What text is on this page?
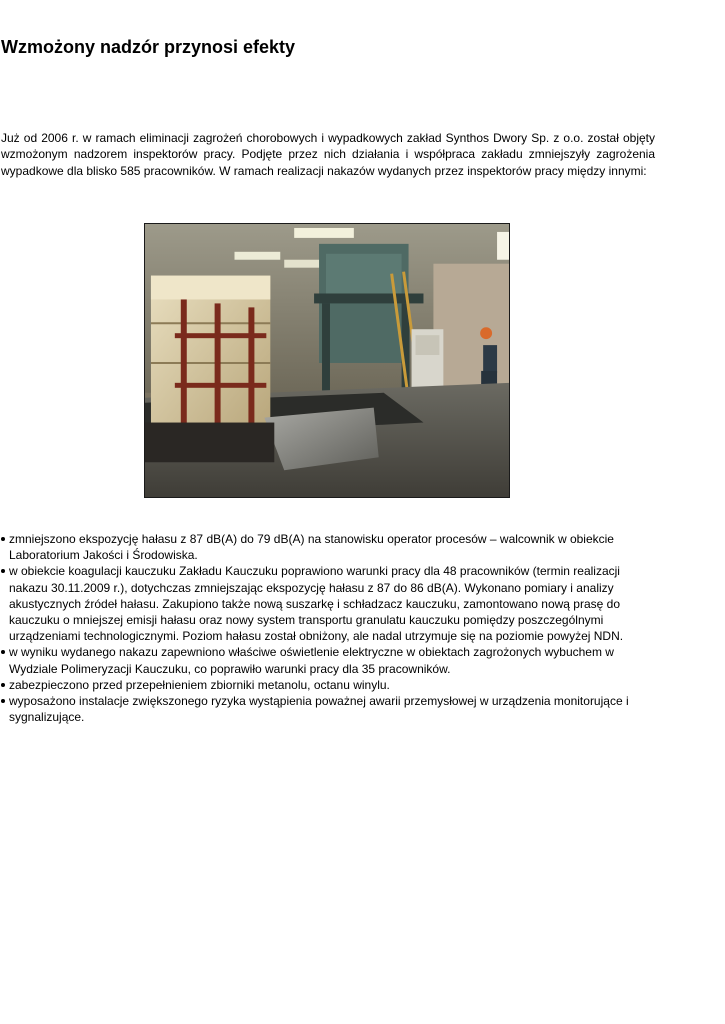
Wzmożony nadzór przynosi efekty

Już od 2006 r. w ramach eliminacji zagrożeń chorobowych i wypadkowych zakład Synthos Dwory Sp. z o.o. został objęty wzmożonym nadzorem inspektorów pracy. Podjęte przez nich działania i współpraca zakładu zmniejszyły zagrożenia wypadkowe dla blisko 585 pracowników. W ramach realizacji nakazów wydanych przez inspektorów pracy między innymi:

zmniejszono ekspozycję hałasu z 87 dB(A) do 79 dB(A) na stanowisku operator procesów – walcownik w obiekcie Laboratorium Jakości i Środowiska.
w obiekcie koagulacji kauczuku Zakładu Kauczuku poprawiono warunki pracy dla 48 pracowników (termin realizacji nakazu 30.11.2009 r.), dotychczas zmniejszając ekspozycję hałasu z 87 do 86 dB(A). Wykonano pomiary i analizy akustycznych źródeł hałasu. Zakupiono także nową suszarkę i schładzacz kauczuku, zamontowano nową prasę do kauczuku o mniejszej emisji hałasu oraz nowy system transportu granulatu kauczuku pomiędzy poszczególnymi urządzeniami technologicznymi. Poziom hałasu został obniżony, ale nadal utrzymuje się na poziomie powyżej NDN.
w wyniku wydanego nakazu zapewniono właściwe oświetlenie elektryczne w obiektach zagrożonych wybuchem w Wydziale Polimeryzacji Kauczuku, co poprawiło warunki pracy dla 35 pracowników.
zabezpieczono przed przepełnieniem zbiorniki metanolu, octanu winylu.
wyposażono instalacje zwiększonego ryzyka wystąpienia poważnej awarii przemysłowej w urządzenia monitorujące i sygnalizujące.
